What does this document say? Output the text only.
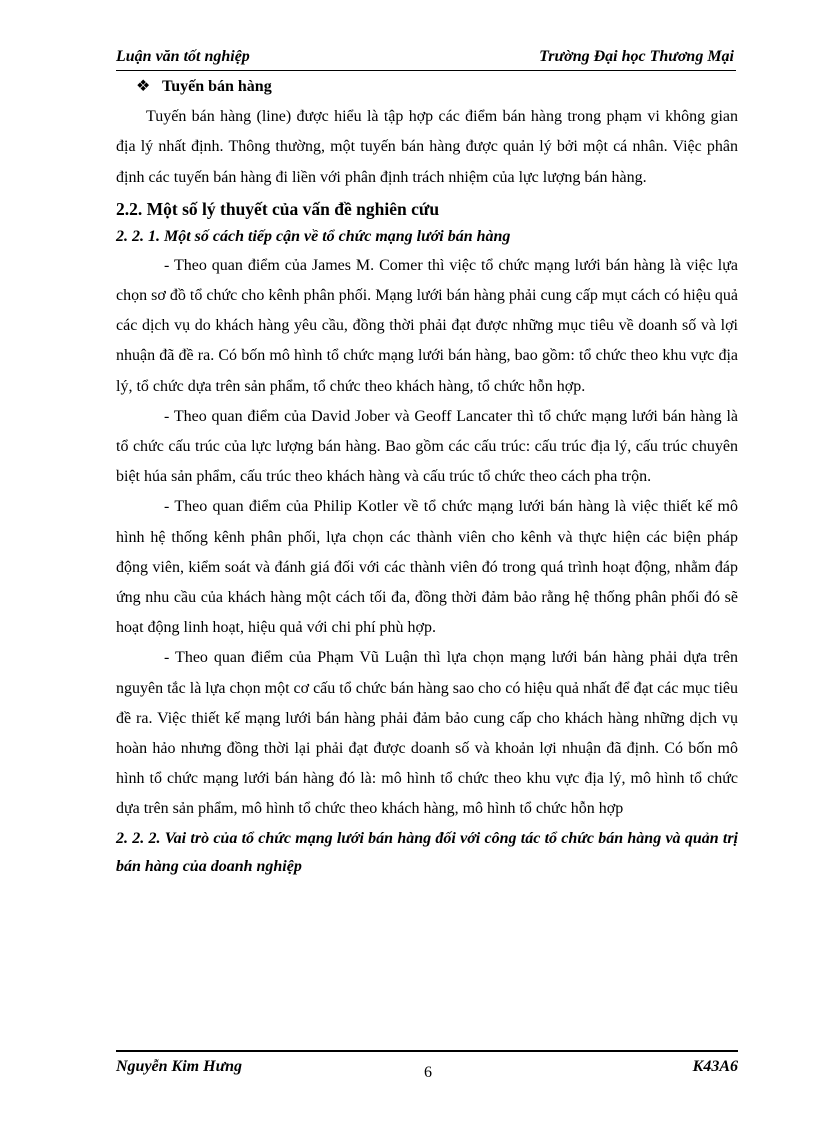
Luận văn tốt nghiệp	Trường Đại học Thương Mại

❖ Tuyến bán hàng

Tuyến bán hàng (line) được hiểu là tập hợp các điểm bán hàng trong phạm vi không gian địa lý nhất định. Thông thường, một tuyến bán hàng được quản lý bởi một cá nhân. Việc phân định các tuyến bán hàng đi liền với phân định trách nhiệm của lực lượng bán hàng.

2.2. Một số lý thuyết của vấn đề nghiên cứu

2. 2. 1. Một số cách tiếp cận về tổ chức mạng lưới bán hàng

- Theo quan điểm của James M. Comer thì việc tổ chức mạng lưới bán hàng là việc lựa chọn sơ đồ tổ chức cho kênh phân phối. Mạng lưới bán hàng phải cung cấp mụt cách có hiệu quả các dịch vụ do khách hàng yêu cầu, đồng thời phải đạt được những mục tiêu về doanh số và lợi nhuận đã đề ra. Có bốn mô hình tổ chức mạng lưới bán hàng, bao gồm: tổ chức theo khu vực địa lý, tổ chức dựa trên sản phẩm, tổ chức theo khách hàng, tổ chức hỗn hợp.

- Theo quan điểm của David Jober và Geoff Lancater thì tổ chức mạng lưới bán hàng là tổ chức cấu trúc của lực lượng bán hàng. Bao gồm các cấu trúc: cấu trúc địa lý, cấu trúc chuyên biệt húa sản phẩm, cấu trúc theo khách hàng và cấu trúc tổ chức theo cách pha trộn.

- Theo quan điểm của Philip Kotler về tổ chức mạng lưới bán hàng là việc thiết kế mô hình hệ thống kênh phân phối, lựa chọn các thành viên cho kênh và thực hiện các biện pháp động viên, kiểm soát và đánh giá đối với các thành viên đó trong quá trình hoạt động, nhằm đáp ứng nhu cầu của khách hàng một cách tối đa, đồng thời đảm bảo rằng hệ thống phân phối đó sẽ hoạt động linh hoạt, hiệu quả với chi phí phù hợp.

- Theo quan điểm của Phạm Vũ Luận thì lựa chọn mạng lưới bán hàng phải dựa trên nguyên tắc là lựa chọn một cơ cấu tổ chức bán hàng sao cho có hiệu quả nhất để đạt các mục tiêu đề ra. Việc thiết kế mạng lưới bán hàng phải đảm bảo cung cấp cho khách hàng những dịch vụ hoàn hảo nhưng đồng thời lại phải đạt được doanh số và khoản lợi nhuận đã định. Có bốn mô hình tổ chức mạng lưới bán hàng đó là: mô hình tổ chức theo khu vực địa lý, mô hình tổ chức dựa trên sản phẩm, mô hình tổ chức theo khách hàng, mô hình tổ chức hỗn hợp

2. 2. 2. Vai trò của tổ chức mạng lưới bán hàng đối với công tác tổ chức bán hàng và quản trị bán hàng của doanh nghiệp

Nguyễn Kim Hưng	6	K43A6
